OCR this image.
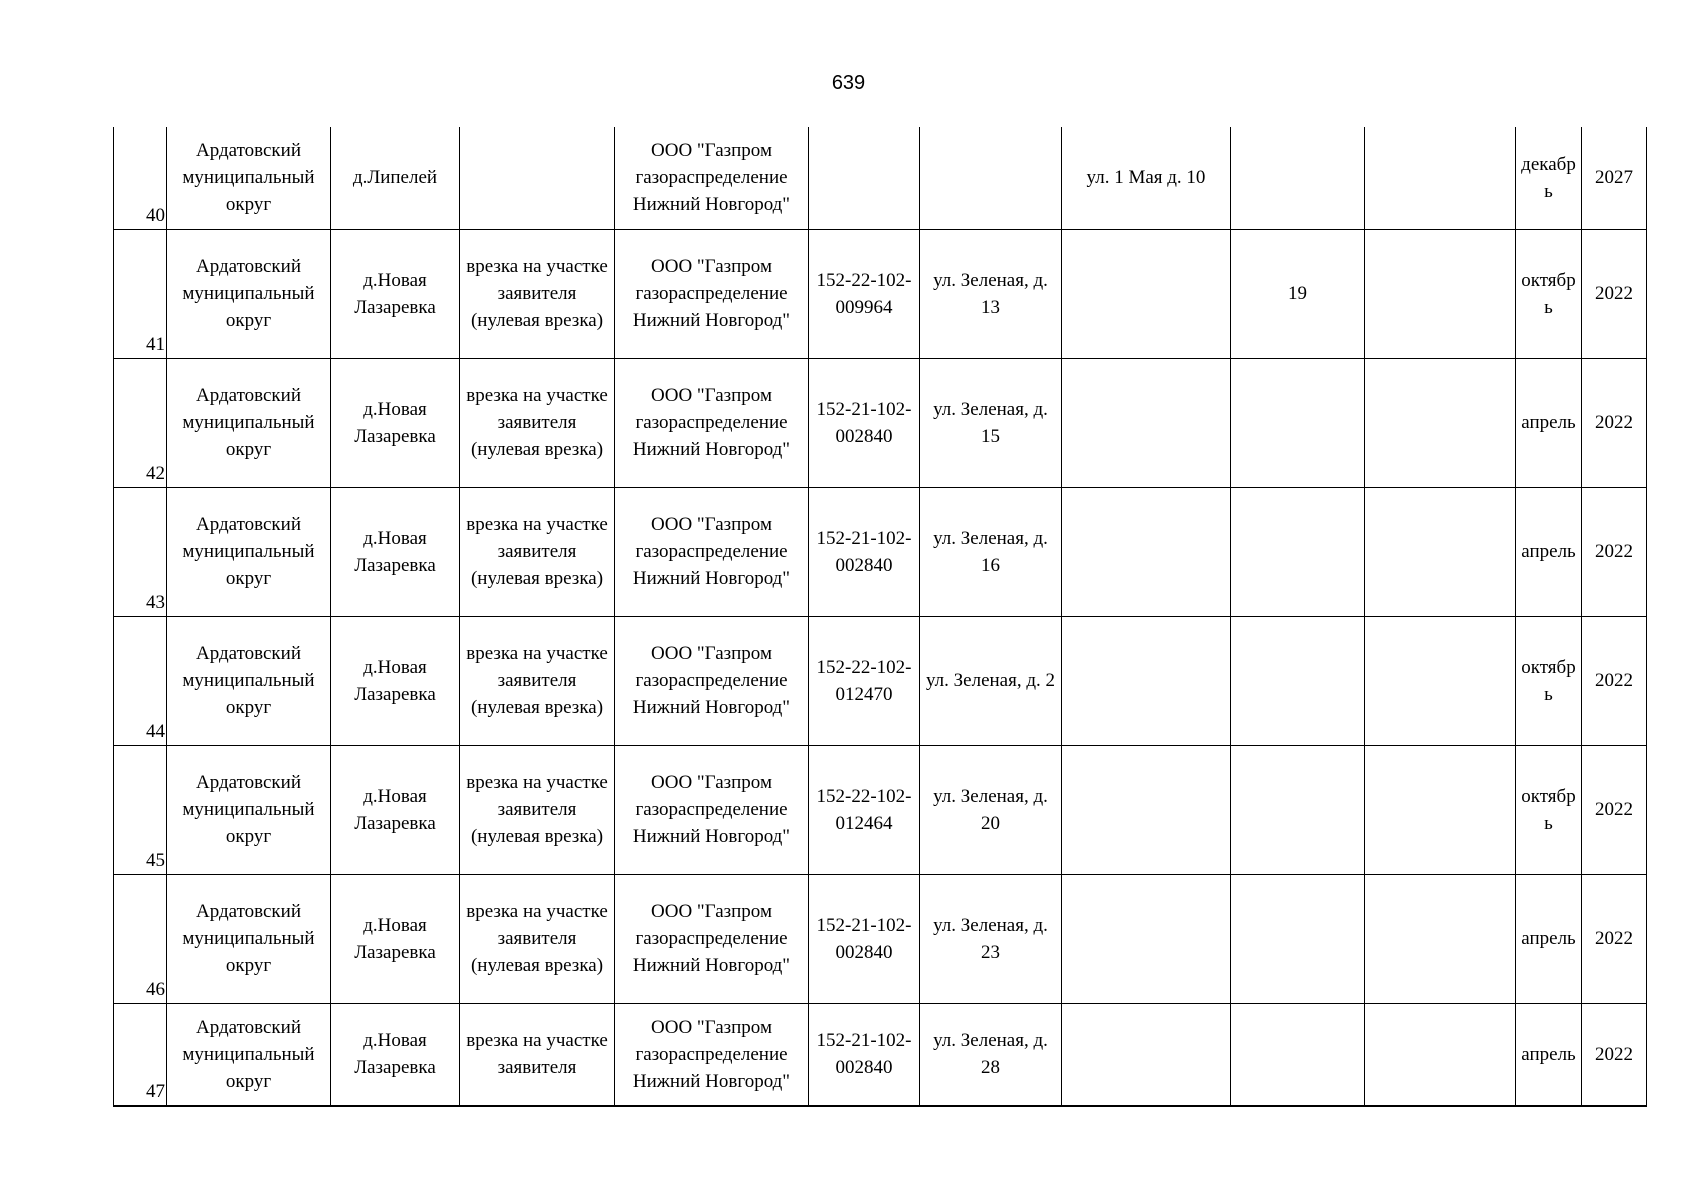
639
40	Ардатовский муниципальный округ	д.Липелей		ООО "Газпром газораспределение Нижний Новгород"			ул. 1 Мая д. 10			декабр ь	2027
41	Ардатовский муниципальный округ	д.Новая Лазаревка	врезка на участке заявителя (нулевая врезка)	ООО "Газпром газораспределение Нижний Новгород"	152-22-102-009964	ул. Зеленая, д. 13		19		октябр ь	2022
42	Ардатовский муниципальный округ	д.Новая Лазаревка	врезка на участке заявителя (нулевая врезка)	ООО "Газпром газораспределение Нижний Новгород"	152-21-102-002840	ул. Зеленая, д. 15				апрель	2022
43	Ардатовский муниципальный округ	д.Новая Лазаревка	врезка на участке заявителя (нулевая врезка)	ООО "Газпром газораспределение Нижний Новгород"	152-21-102-002840	ул. Зеленая, д. 16				апрель	2022
44	Ардатовский муниципальный округ	д.Новая Лазаревка	врезка на участке заявителя (нулевая врезка)	ООО "Газпром газораспределение Нижний Новгород"	152-22-102-012470	ул. Зеленая, д. 2				октябр ь	2022
45	Ардатовский муниципальный округ	д.Новая Лазаревка	врезка на участке заявителя (нулевая врезка)	ООО "Газпром газораспределение Нижний Новгород"	152-22-102-012464	ул. Зеленая, д. 20				октябр ь	2022
46	Ардатовский муниципальный округ	д.Новая Лазаревка	врезка на участке заявителя (нулевая врезка)	ООО "Газпром газораспределение Нижний Новгород"	152-21-102-002840	ул. Зеленая, д. 23				апрель	2022
47	Ардатовский муниципальный округ	д.Новая Лазаревка	врезка на участке заявителя	ООО "Газпром газораспределение Нижний Новгород"	152-21-102-002840	ул. Зеленая, д. 28				апрель	2022
